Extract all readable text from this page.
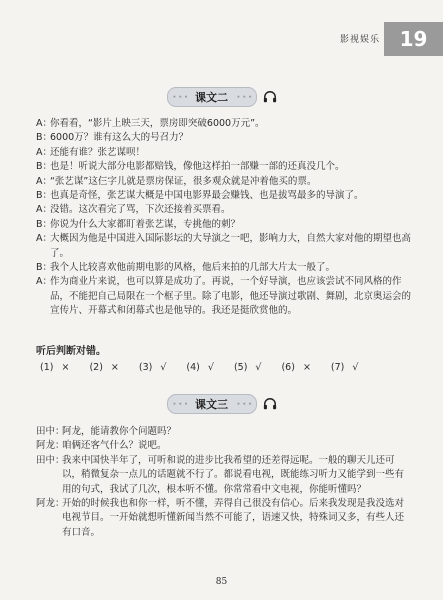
影视娱乐 19
••• 课文二 •••
A：
你看看，“影片上映三天，票房即突破6000万元”。
B：
6000万？谁有这么大的号召力？
A：
还能有谁？张艺谋呗！
B：
也是！听说大部分电影都赔钱，像他这样拍一部赚一部的还真没几个。
A：
“张艺谋”这仨字儿就是票房保证，很多观众就是冲着他买的票。
B：
也真是奇怪，张艺谋大概是中国电影界最会赚钱、也是拔骂最多的导演了。
A：
没错。这次看完了骂，下次还接着买票看。
B：
你说为什么大家都盯着张艺谋，专挑他的刺？
A：
大概因为他是中国进入国际影坛的大导演之一吧，影响力大，自然大家对他的期望也高了。
B：
我个人比较喜欢他前期电影的风格，他后来拍的几部大片太一般了。
A：
作为商业片来说，也可以算是成功了。再说，一个好导演，也应该尝试不同风格的作品，不能把自己局限在一个框子里。除了电影，他还导演过歌剧、舞剧，北京奥运会的宣传片、开幕式和闭幕式也是他导的。我还是挺欣赏他的。
听后判断对错。
(1) × (2) × (3) √ (4) √ (5) √ (6) × (7) √
••• 课文三 •••
田中：
阿龙，能请教你个问题吗？
阿龙：
咱俩还客气什么？说吧。
田中：
我来中国快半年了，可听和说的进步比我希望的还差得远呢。一般的聊天儿还可以，稍微复杂一点儿的话题就不行了。都说看电视，既能练习听力又能学到一些有用的句式，我试了几次，根本听不懂。你常常看中文电视，你能听懂吗？
阿龙：
开始的时候我也和你一样，听不懂，弄得自己很没有信心。后来我发现是我没选对电视节目。一开始就想听懂新闻当然不可能了，语速又快，特殊词又多，有些人还有口音。
85
